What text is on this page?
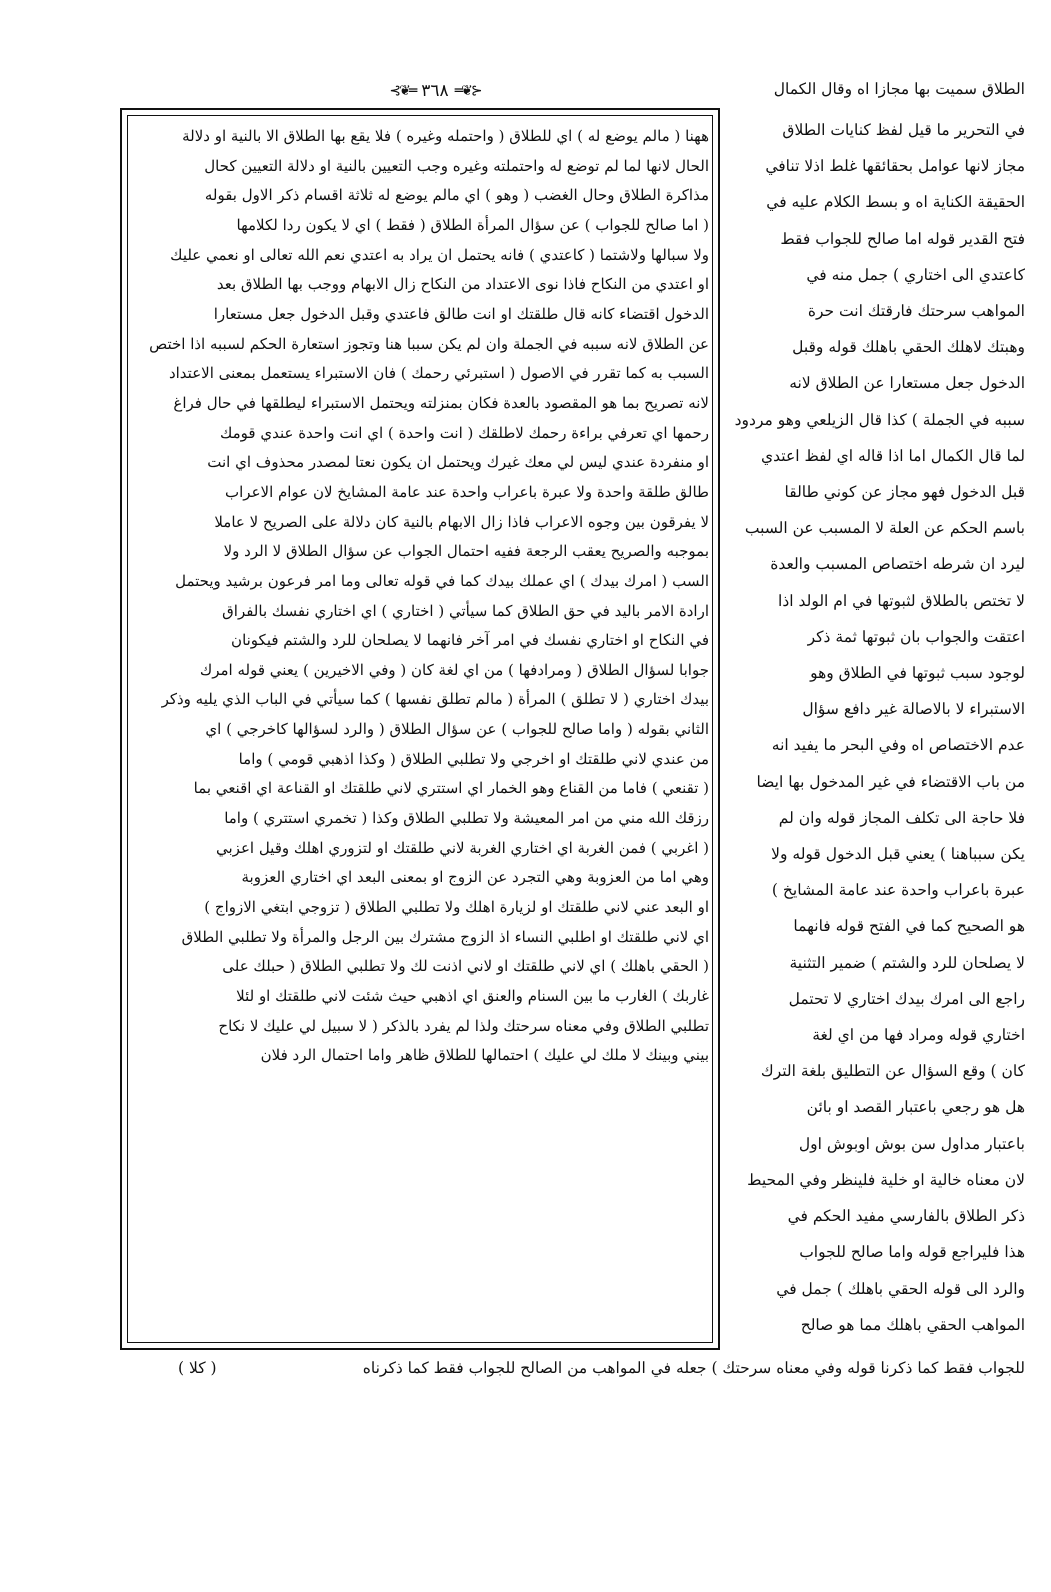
الطلاق سميت بها مجازا اه وقال الكمال
⊰❦═ ٣٦٨ ═❦⊱
في التحرير ما قيل لفظ كنايات الطلاق
مجاز لانها عوامل بحقائقها غلط اذلا تنافي
الحقيقة الكناية اه و بسط الكلام عليه في
فتح القدير قوله اما صالح للجواب فقط
كاعتدي الى اختاري ) جمل منه في
المواهب سرحتك فارقتك انت حرة
وهبتك لاهلك الحقي باهلك قوله وقبل
الدخول جعل مستعارا عن الطلاق لانه
سببه في الجملة ) كذا قال الزيلعي وهو مردود
لما قال الكمال اما اذا قاله اي لفظ اعتدي
قبل الدخول فهو مجاز عن كوني طالقا
باسم الحكم عن العلة لا المسبب عن السبب
ليرد ان شرطه اختصاص المسبب والعدة
لا تختص بالطلاق لثبوتها في ام الولد اذا
اعتقت والجواب بان ثبوتها ثمة ذكر
لوجود سبب ثبوتها في الطلاق وهو
الاستبراء لا بالاصالة غير دافع سؤال
عدم الاختصاص اه وفي البحر ما يفيد انه
من باب الاقتضاء في غير المدخول بها ايضا
فلا حاجة الى تكلف المجاز قوله وان لم
يكن سبباهنا ) يعني قبل الدخول قوله ولا
عبرة باعراب واحدة عند عامة المشايخ )
هو الصحيح كما في الفتح قوله فانهما
لا يصلحان للرد والشتم ) ضمير التثنية
راجع الى امرك بيدك اختاري لا تحتمل
اختاري قوله ومراد فها من اي لغة
كان ) وقع السؤال عن التطليق بلغة الترك
هل هو رجعي باعتبار القصد او بائن
باعتبار مداول سن بوش اوبوش اول
لان معناه خالية او خلية فلينظر وفي المحيط
ذكر الطلاق بالفارسي مفيد الحكم في
هذا فليراجع قوله واما صالح للجواب
والرد الى قوله الحقي باهلك ) جمل في
المواهب الحقي باهلك مما هو صالح
ههنا ( مالم يوضع له ) اي للطلاق ( واحتمله وغيره ) فلا يقع بها الطلاق الا بالنية او دلالة
الحال لانها لما لم توضع له واحتملته وغيره وجب التعيين بالنية او دلالة التعيين كحال
مذاكرة الطلاق وحال الغضب ( وهو ) اي مالم يوضع له ثلاثة اقسام ذكر الاول بقوله
( اما صالح للجواب ) عن سؤال المرأة الطلاق ( فقط ) اي لا يكون ردا لكلامها
ولا سبالها ولاشتما ( كاعتدي ) فانه يحتمل ان يراد به اعتدي نعم الله تعالى او نعمي عليك
او اعتدي من النكاح فاذا نوى الاعتداد من النكاح زال الابهام ووجب بها الطلاق بعد
الدخول اقتضاء كانه قال طلقتك او انت طالق فاعتدي وقبل الدخول جعل مستعارا
عن الطلاق لانه سببه في الجملة وان لم يكن سببا هنا وتجوز استعارة الحكم لسببه اذا اختص
السبب به كما تقرر في الاصول ( استبرئي رحمك ) فان الاستبراء يستعمل بمعنى الاعتداد
لانه تصريح بما هو المقصود بالعدة فكان بمنزلته ويحتمل الاستبراء ليطلقها في حال فراغ
رحمها اي تعرفي براءة رحمك لاطلقك ( انت واحدة ) اي انت واحدة عندي قومك
او منفردة عندي ليس لي معك غيرك ويحتمل ان يكون نعتا لمصدر محذوف اي انت
طالق طلقة واحدة ولا عبرة باعراب واحدة عند عامة المشايخ لان عوام الاعراب
لا يفرقون بين وجوه الاعراب فاذا زال الابهام بالنية كان دلالة على الصريح لا عاملا
بموجبه والصريح يعقب الرجعة ففيه احتمال الجواب عن سؤال الطلاق لا الرد ولا
السب ( امرك بيدك ) اي عملك بيدك كما في قوله تعالى وما امر فرعون برشيد ويحتمل
ارادة الامر باليد في حق الطلاق كما سيأتي ( اختاري ) اي اختاري نفسك بالفراق
في النكاح او اختاري نفسك في امر آخر فانهما لا يصلحان للرد والشتم فيكونان
جوابا لسؤال الطلاق ( ومرادفها ) من اي لغة كان ( وفي الاخيرين ) يعني قوله امرك
بيدك اختاري ( لا تطلق ) المرأة ( مالم تطلق نفسها ) كما سيأتي في الباب الذي يليه وذكر
الثاني بقوله ( واما صالح للجواب ) عن سؤال الطلاق ( والرد لسؤالها كاخرجي ) اي
من عندي لاني طلقتك او اخرجي ولا تطلبي الطلاق ( وكذا اذهبي قومي ) واما
( تقنعي ) فاما من القناع وهو الخمار اي استتري لاني طلقتك او القناعة اي اقنعي بما
رزقك الله مني من امر المعيشة ولا تطلبي الطلاق وكذا ( تخمري استتري ) واما
( اغربي ) فمن الغربة اي اختاري الغربة لاني طلقتك او لتزوري اهلك وقيل اعزبي
وهي اما من العزوبة وهي التجرد عن الزوج او بمعنى البعد اي اختاري العزوبة
او البعد عني لاني طلقتك او لزيارة اهلك ولا تطلبي الطلاق ( تزوجي ابتغي الازواج )
اي لاني طلقتك او اطلبي النساء اذ الزوج مشترك بين الرجل والمرأة ولا تطلبي الطلاق
( الحقي باهلك ) اي لاني طلقتك او لاني اذنت لك ولا تطلبي الطلاق ( حبلك على
غاربك ) الغارب ما بين السنام والعنق اي اذهبي حيث شئت لاني طلقتك او لئلا
تطلبي الطلاق وفي معناه سرحتك ولذا لم يفرد بالذكر ( لا سبيل لي عليك لا نكاح
بيني وبينك لا ملك لي عليك ) احتمالها للطلاق ظاهر واما احتمال الرد فلان
( كلا )	للجواب فقط كما ذكرنا قوله وفي معناه سرحتك ) جعله في المواهب من الصالح للجواب فقط كما ذكرناه
